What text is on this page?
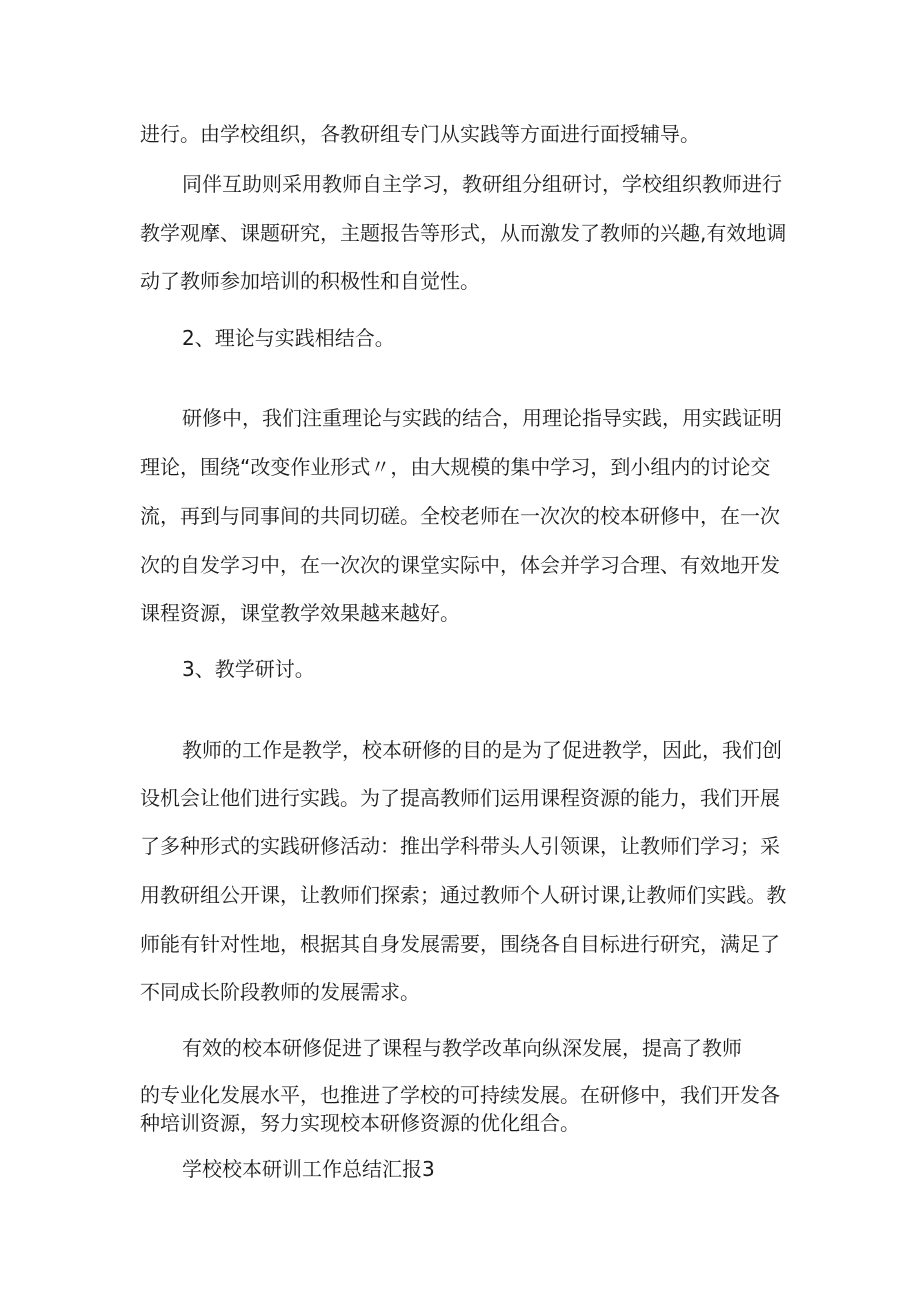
进行。由学校组织，各教研组专门从实践等方面进行面授辅导。
同伴互助则采用教师自主学习，教研组分组研讨，学校组织教师进行
教学观摩、课题研究，主题报告等形式，从而激发了教师的兴趣,有效地调
动了教师参加培训的积极性和自觉性。
2、理论与实践相结合。
研修中，我们注重理论与实践的结合，用理论指导实践，用实践证明
理论，围绕“改变作业形式〃，由大规模的集中学习，到小组内的讨论交
流，再到与同事间的共同切磋。全校老师在一次次的校本研修中，在一次
次的自发学习中，在一次次的课堂实际中，体会并学习合理、有效地开发
课程资源，课堂教学效果越来越好。
3、教学研讨。
教师的工作是教学，校本研修的目的是为了促进教学，因此，我们创
设机会让他们进行实践。为了提高教师们运用课程资源的能力，我们开展
了多种形式的实践研修活动：推出学科带头人引领课，让教师们学习；采
用教研组公开课，让教师们探索；通过教师个人研讨课,让教师们实践。教
师能有针对性地，根据其自身发展需要，围绕各自目标进行研究，满足了
不同成长阶段教师的发展需求。
有效的校本研修促进了课程与教学改革向纵深发展，提高了教师
的专业化发展水平，也推进了学校的可持续发展。在研修中，我们开发各
种培训资源，努力实现校本研修资源的优化组合。
学校校本研训工作总结汇报3
